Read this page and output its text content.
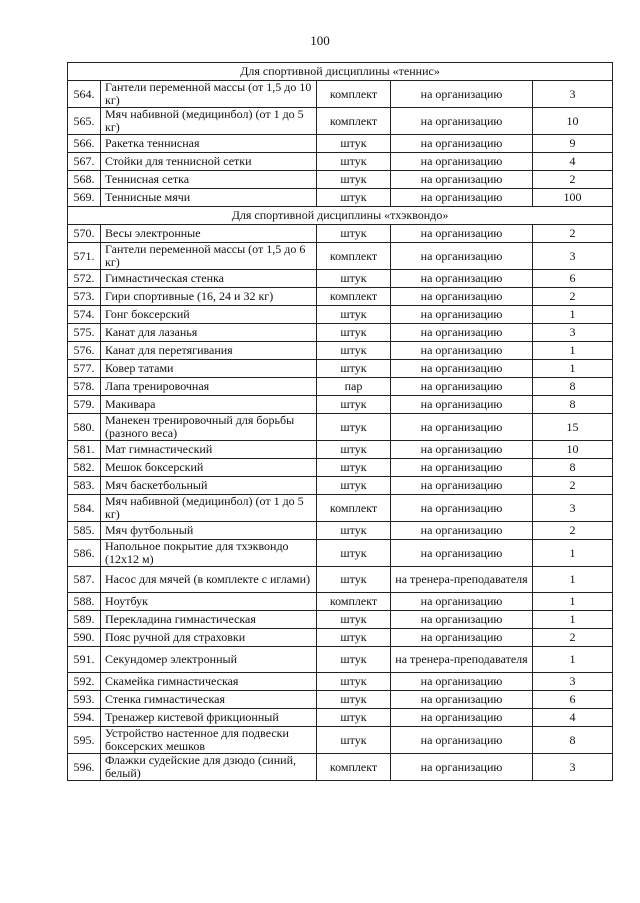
100
Для спортивной дисциплины «теннис»				
564.	Гантели переменной массы (от 1,5 до 10 кг)	комплект	на организацию	3
565.	Мяч набивной (медицинбол) (от 1 до 5 кг)	комплект	на организацию	10
566.	Ракетка теннисная	штук	на организацию	9
567.	Стойки для теннисной сетки	штук	на организацию	4
568.	Теннисная сетка	штук	на организацию	2
569.	Теннисные мячи	штук	на организацию	100
Для спортивной дисциплины «тхэквондо»				
570.	Весы электронные	штук	на организацию	2
571.	Гантели переменной массы (от 1,5 до 6 кг)	комплект	на организацию	3
572.	Гимнастическая стенка	штук	на организацию	6
573.	Гири спортивные (16, 24 и 32 кг)	комплект	на организацию	2
574.	Гонг боксерский	штук	на организацию	1
575.	Канат для лазанья	штук	на организацию	3
576.	Канат для перетягивания	штук	на организацию	1
577.	Ковер татами	штук	на организацию	1
578.	Лапа тренировочная	пар	на организацию	8
579.	Макивара	штук	на организацию	8
580.	Манекен тренировочный для борьбы (разного веса)	штук	на организацию	15
581.	Мат гимнастический	штук	на организацию	10
582.	Мешок боксерский	штук	на организацию	8
583.	Мяч баскетбольный	штук	на организацию	2
584.	Мяч набивной (медицинбол) (от 1 до 5 кг)	комплект	на организацию	3
585.	Мяч футбольный	штук	на организацию	2
586.	Напольное покрытие для тхэквондо (12х12 м)	штук	на организацию	1
587.	Насос для мячей (в комплекте с иглами)	штук	на тренера-преподавателя	1
588.	Ноутбук	комплект	на организацию	1
589.	Перекладина гимнастическая	штук	на организацию	1
590.	Пояс ручной для страховки	штук	на организацию	2
591.	Секундомер электронный	штук	на тренера-преподавателя	1
592.	Скамейка гимнастическая	штук	на организацию	3
593.	Стенка гимнастическая	штук	на организацию	6
594.	Тренажер кистевой фрикционный	штук	на организацию	4
595.	Устройство настенное для подвески боксерских мешков	штук	на организацию	8
596.	Флажки судейские для дзюдо (синий, белый)	комплект	на организацию	3
